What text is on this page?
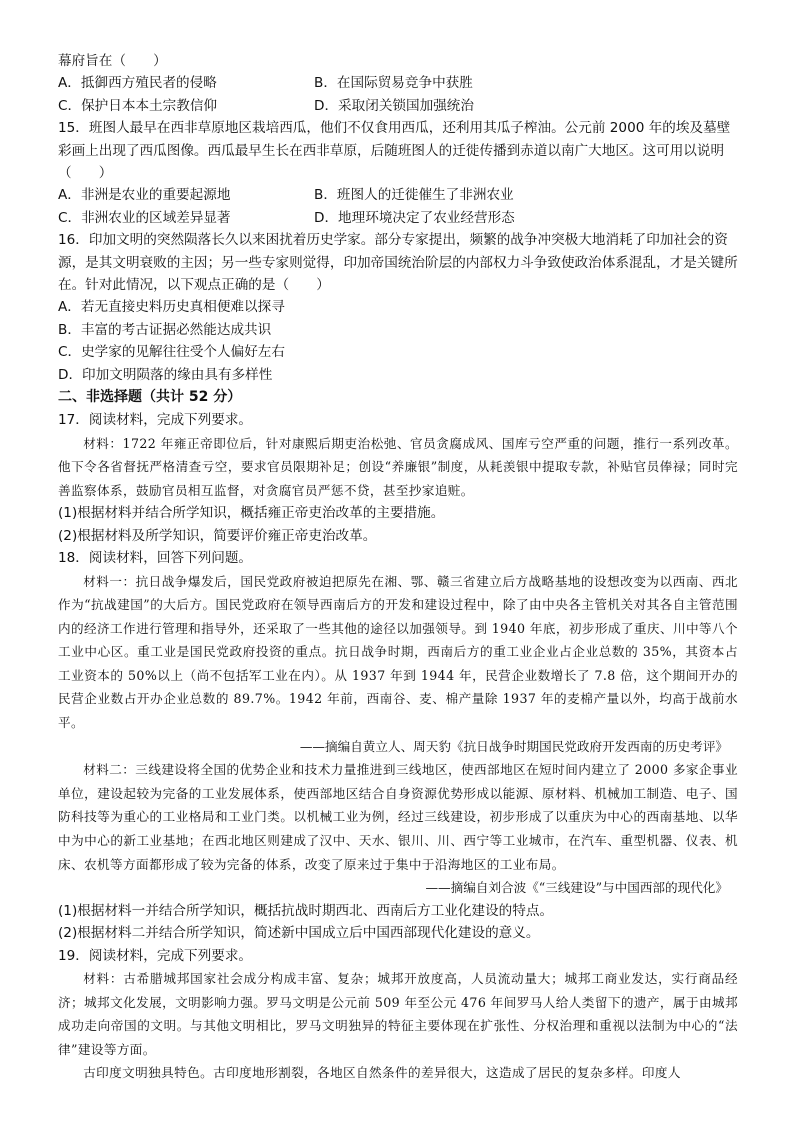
幕府旨在（　　）
A．抵御西方殖民者的侵略	B．在国际贸易竞争中获胜
C．保护日本本土宗教信仰	D．采取闭关锁国加强统治
15．班图人最早在西非草原地区栽培西瓜，他们不仅食用西瓜，还利用其瓜子榨油。公元前 2000 年的埃及墓壁彩画上出现了西瓜图像。西瓜最早生长在西非草原，后随班图人的迁徙传播到赤道以南广大地区。这可用以说明（　　）
A．非洲是农业的重要起源地	B．班图人的迁徙催生了非洲农业
C．非洲农业的区域差异显著	D．地理环境决定了农业经营形态
16．印加文明的突然陨落长久以来困扰着历史学家。部分专家提出，频繁的战争冲突极大地消耗了印加社会的资源，是其文明衰败的主因；另一些专家则觉得，印加帝国统治阶层的内部权力斗争致使政治体系混乱，才是关键所在。针对此情况，以下观点正确的是（　　）
A．若无直接史料历史真相便难以探寻
B．丰富的考古证据必然能达成共识
C．史学家的见解往往受个人偏好左右
D．印加文明陨落的缘由具有多样性
二、非选择题（共计 52 分）
17．阅读材料，完成下列要求。
材料：1722 年雍正帝即位后，针对康熙后期吏治松弛、官员贪腐成风、国库亏空严重的问题，推行一系列改革。他下令各省督抚严格清查亏空，要求官员限期补足；创设“养廉银”制度，从耗羡银中提取专款，补贴官员俸禄；同时完善监察体系，鼓励官员相互监督，对贪腐官员严惩不贷，甚至抄家追赃。
(1)根据材料并结合所学知识，概括雍正帝吏治改革的主要措施。
(2)根据材料及所学知识，简要评价雍正帝吏治改革。
18．阅读材料，回答下列问题。
材料一：抗日战争爆发后，国民党政府被迫把原先在湘、鄂、赣三省建立后方战略基地的设想改变为以西南、西北作为“抗战建国”的大后方。国民党政府在领导西南后方的开发和建设过程中，除了由中央各主管机关对其各自主管范围内的经济工作进行管理和指导外，还采取了一些其他的途径以加强领导。到 1940 年底，初步形成了重庆、川中等八个工业中心区。重工业是国民党政府投资的重点。抗日战争时期，西南后方的重工业企业占企业总数的 35%，其资本占工业资本的 50%以上（尚不包括军工业在内）。从 1937 年到 1944 年，民营企业数增长了 7.8 倍，这个期间开办的民营企业数占开办企业总数的 89.7%。1942 年前，西南谷、麦、棉产量除 1937 年的麦棉产量以外，均高于战前水平。
——摘编自黄立人、周天豹《抗日战争时期国民党政府开发西南的历史考评》
材料二：三线建设将全国的优势企业和技术力量推进到三线地区，使西部地区在短时间内建立了 2000 多家企事业单位，建设起较为完备的工业发展体系，使西部地区结合自身资源优势形成以能源、原材料、机械加工制造、电子、国防科技等为重心的工业格局和工业门类。以机械工业为例，经过三线建设，初步形成了以重庆为中心的西南基地、以华中为中心的新工业基地；在西北地区则建成了汉中、天水、银川、川、西宁等工业城市，在汽车、重型机器、仪表、机床、农机等方面都形成了较为完备的体系，改变了原来过于集中于沿海地区的工业布局。
——摘编自刘合波《“三线建设”与中国西部的现代化》
(1)根据材料一并结合所学知识，概括抗战时期西北、西南后方工业化建设的特点。
(2)根据材料二并结合所学知识，简述新中国成立后中国西部现代化建设的意义。
19．阅读材料，完成下列要求。
材料：古希腊城邦国家社会成分构成丰富、复杂；城邦开放度高，人员流动量大；城邦工商业发达，实行商品经济；城邦文化发展，文明影响力强。罗马文明是公元前 509 年至公元 476 年间罗马人给人类留下的遗产，属于由城邦成功走向帝国的文明。与其他文明相比，罗马文明独异的特征主要体现在扩张性、分权治理和重视以法制为中心的“法律”建设等方面。
古印度文明独具特色。古印度地形割裂，各地区自然条件的差异很大，这造成了居民的复杂多样。印度人
